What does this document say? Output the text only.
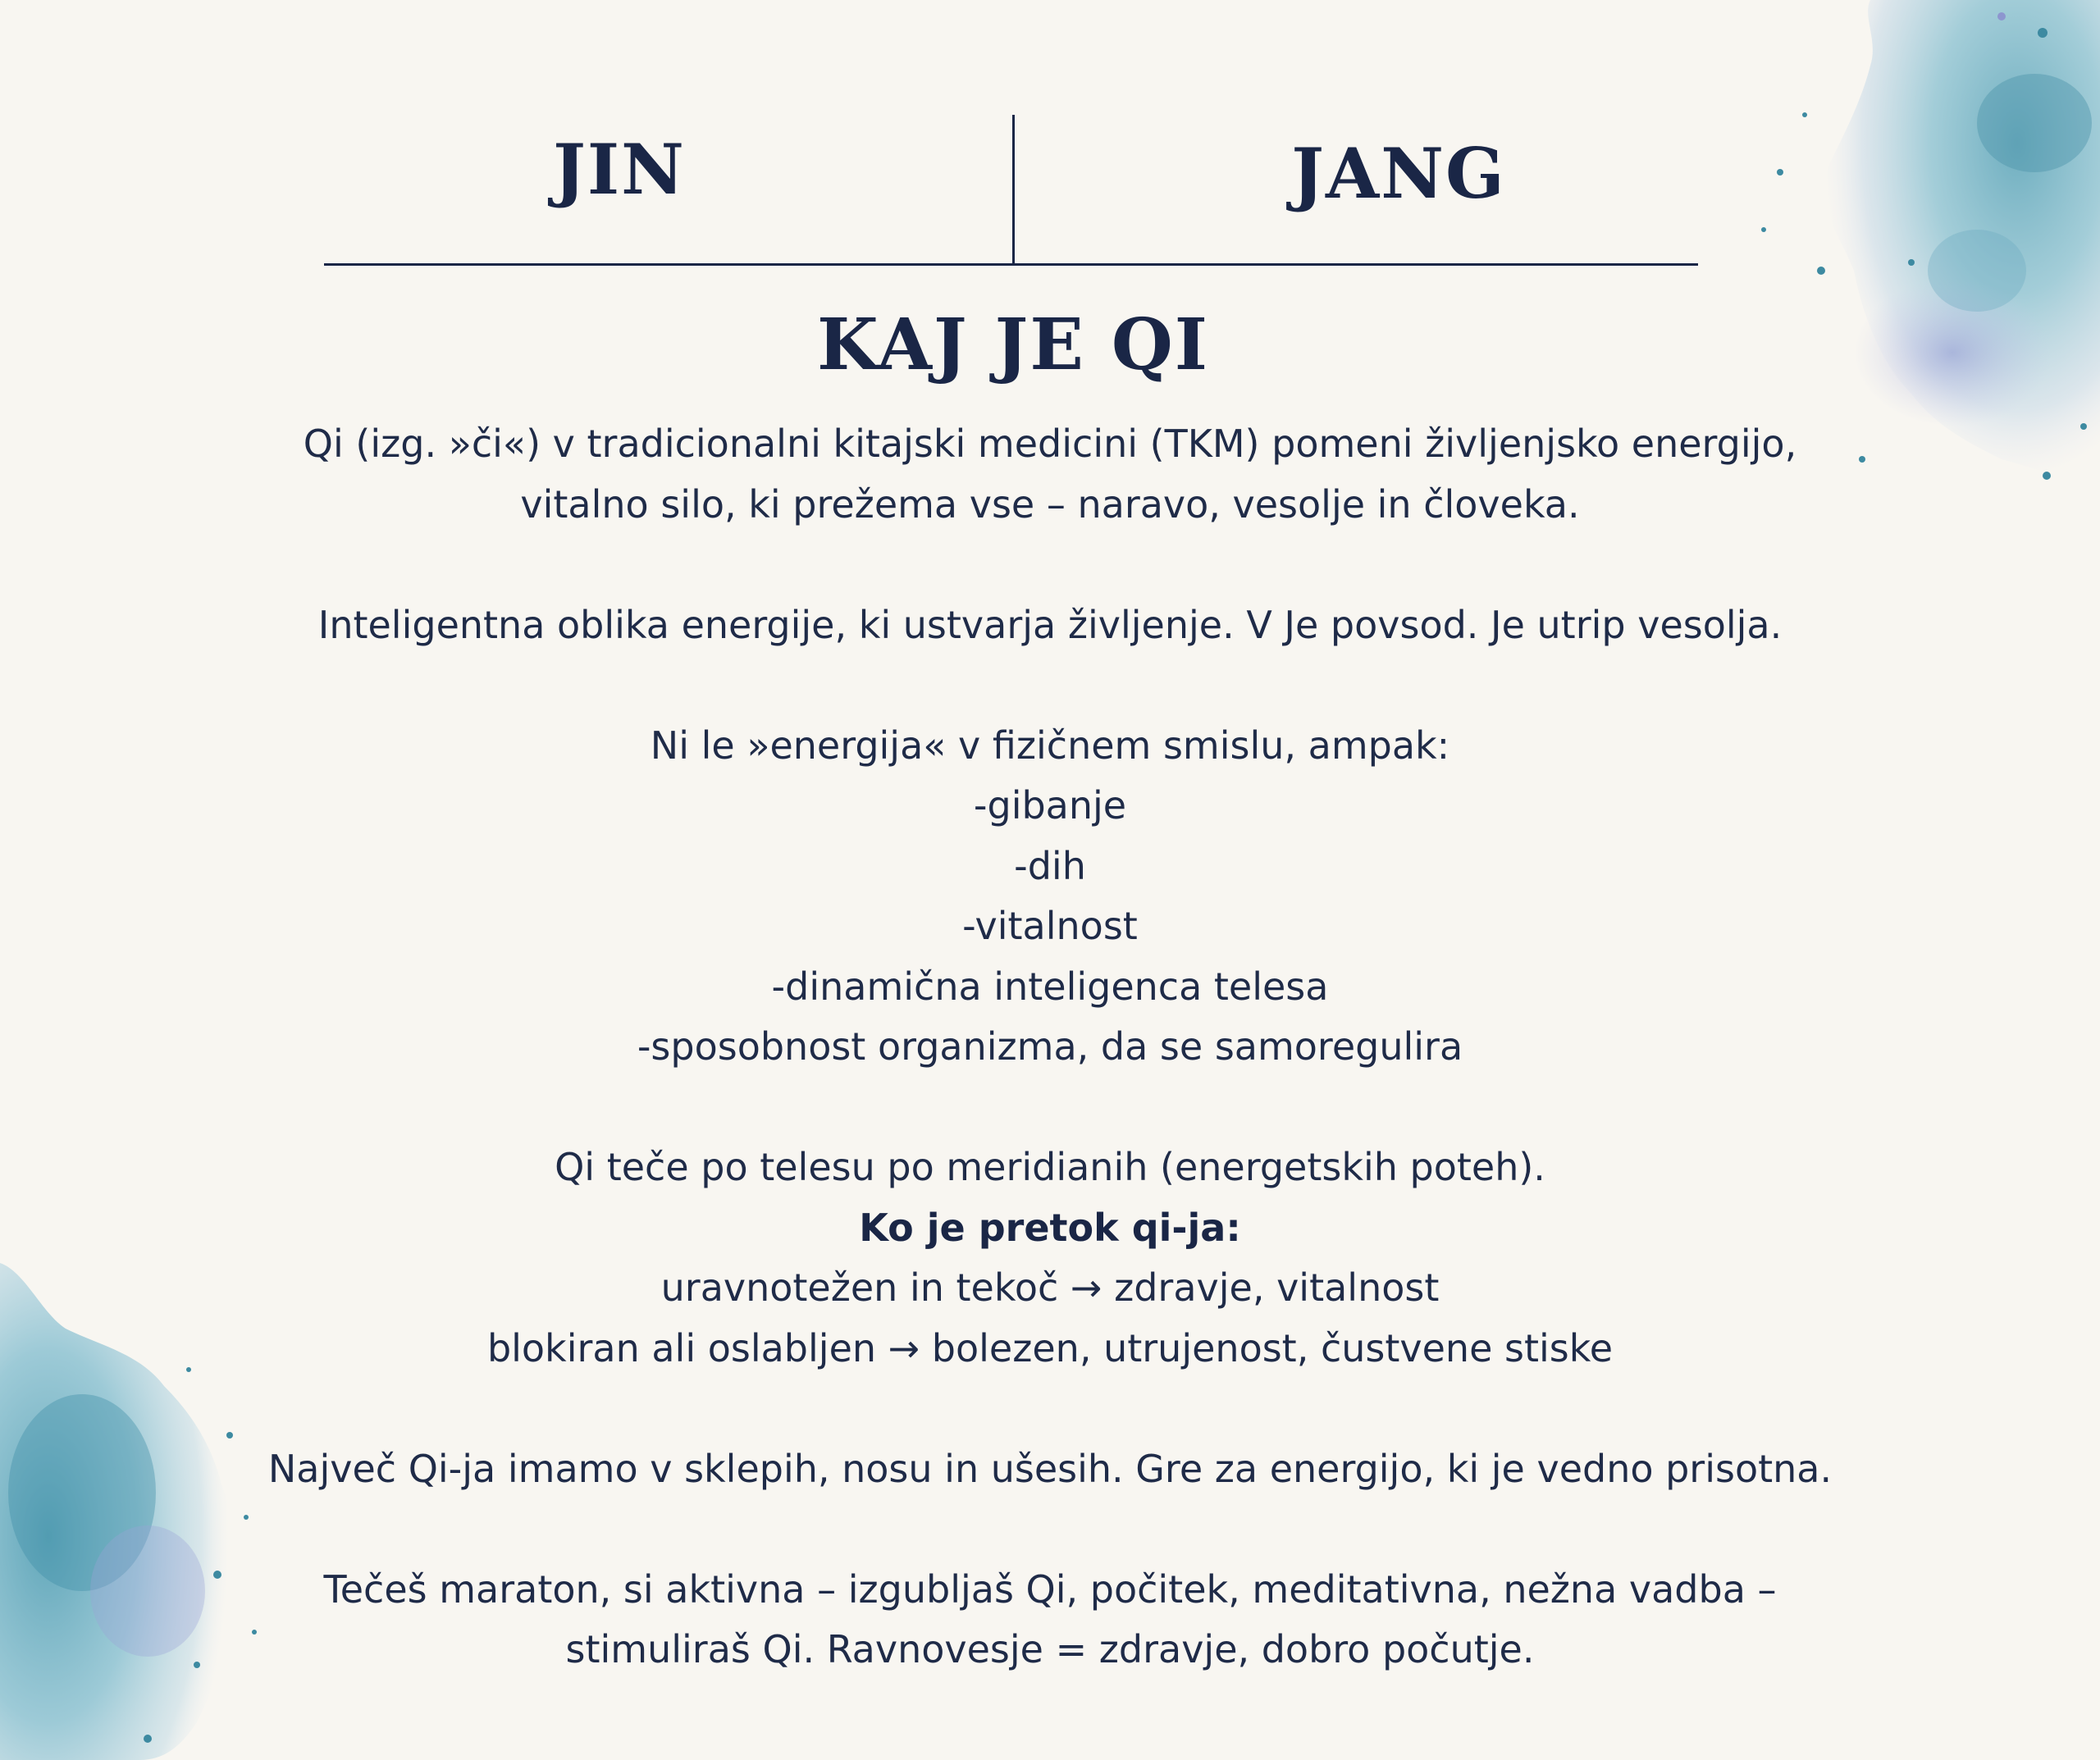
JIN	JANG
KAJ JE QI
Qi (izg. »či«) v tradicionalni kitajski medicini (TKM) pomeni življenjsko energijo,
vitalno silo, ki prežema vse – naravo, vesolje in človeka.
Inteligentna oblika energije, ki ustvarja življenje. V Je povsod. Je utrip vesolja.
Ni le »energija« v fizičnem smislu, ampak:
-gibanje
-dih
-vitalnost
-dinamična inteligenca telesa
-sposobnost organizma, da se samoregulira
Qi teče po telesu po meridianih (energetskih poteh).
Ko je pretok qi-ja:
uravnotežen in tekoč → zdravje, vitalnost
blokiran ali oslabljen → bolezen, utrujenost, čustvene stiske
Največ Qi-ja imamo v sklepih, nosu in ušesih. Gre za energijo, ki je vedno prisotna.
Tečeš maraton, si aktivna – izgubljaš Qi, počitek, meditativna, nežna vadba –
stimuliraš Qi. Ravnovesje = zdravje, dobro počutje.
